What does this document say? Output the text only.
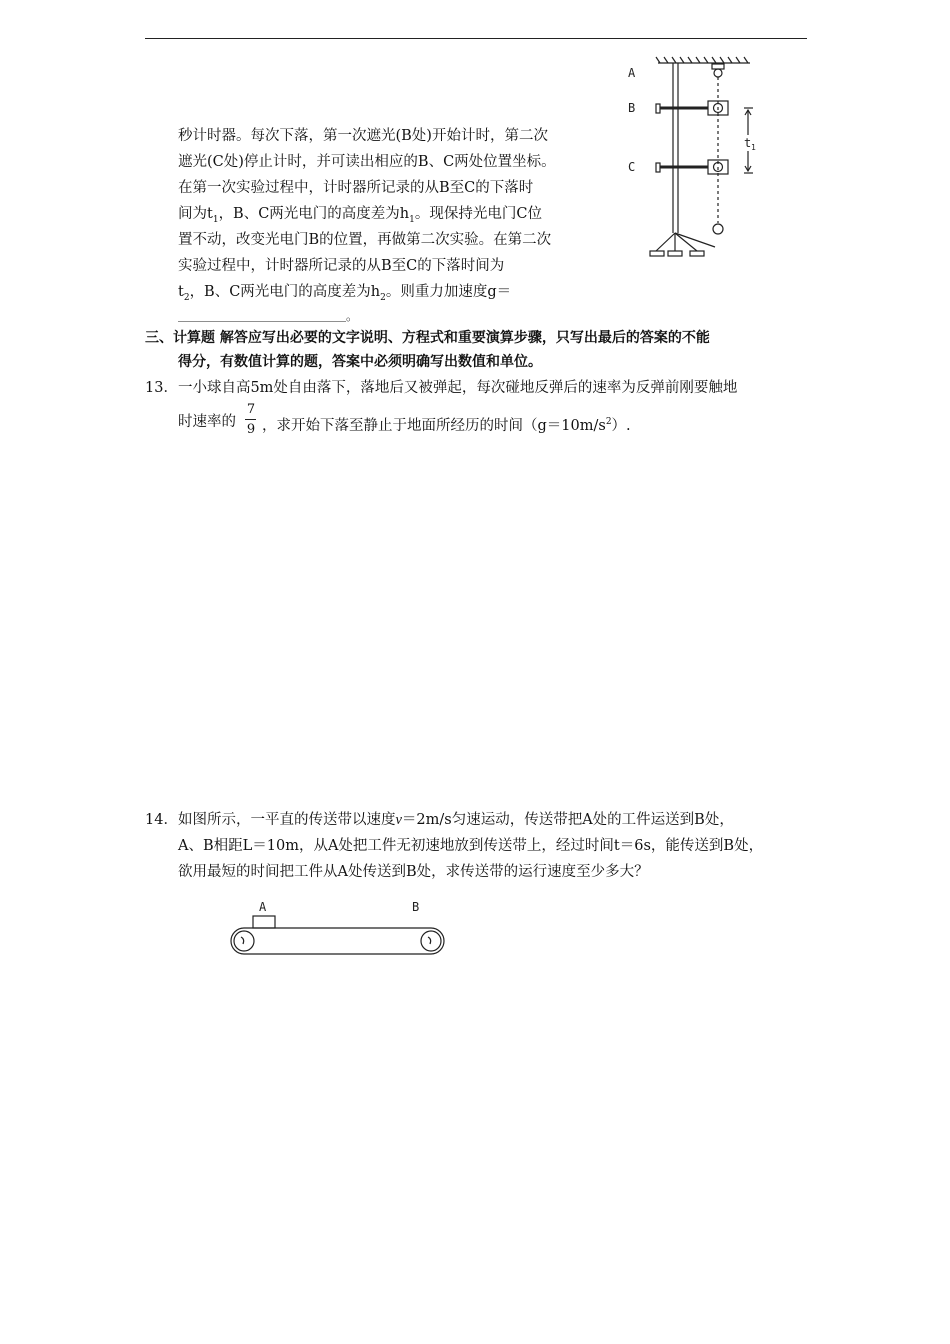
秒计时器。每次下落，第一次遮光(B处)开始计时，第二次
遮光(C处)停止计时，并可读出相应的B、C两处位置坐标。
在第一次实验过程中，计时器所记录的从B至C的下落时
间为$t_1$，B、C两光电门的高度差为$h_1$。现保持光电门C位
置不动，改变光电门B的位置，再做第二次实验。在第二次
实验过程中，计时器所记录的从B至C的下落时间为
$t_2$，B、C两光电门的高度差为$h_2$。则重力加速度g＝
＿＿＿＿＿＿＿＿＿＿＿＿＿＿。
A
B
C
t 1
三、计算题 解答应写出必要的文字说明、方程式和重要演算步骤，只写出最后的答案的不能
得分，有数值计算的题，答案中必须明确写出数值和单位。
13．一小球自高5m处自由落下，落地后又被弹起，每次碰地反弹后的速率为反弹前刚要触地
时速率的
7
9 ，求开始下落至静止于地面所经历的时间$(g=10m/s^2)$.
14．如图所示，一平直的传送带以速度v＝2m/s匀速运动，传送带把A处的工件运送到B处，
A、B相距L＝10m，从A处把工件无初速地放到传送带上，经过时间t＝6s，能传送到B处，
欲用最短的时间把工件从A处传送到B处，求传送带的运行速度至少多大？
A	B
